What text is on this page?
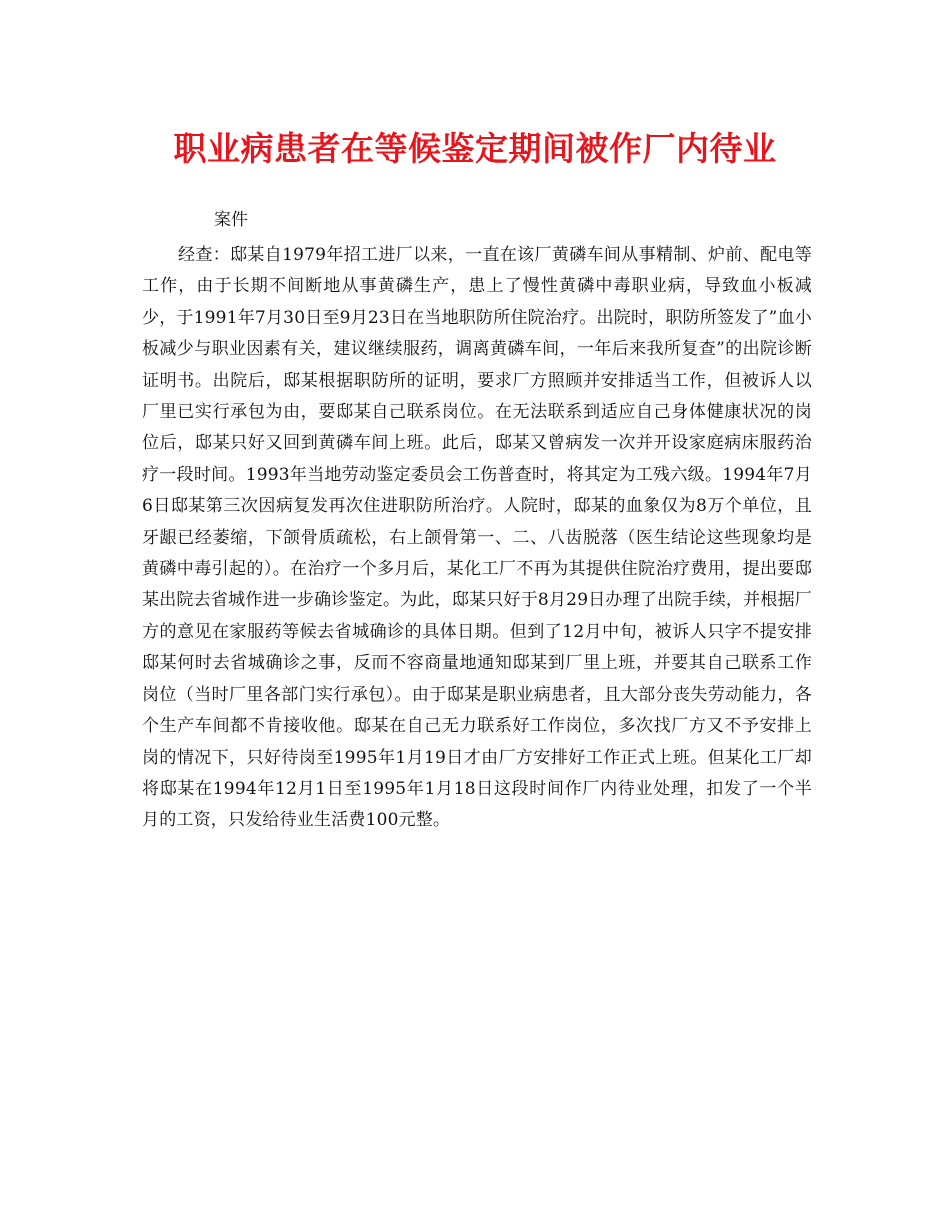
职业病患者在等候鉴定期间被作厂内待业

案件

经查：邸某自1979年招工进厂以来，一直在该厂黄磷车间从事精制、炉前、配电等工作，由于长期不间断地从事黄磷生产，患上了慢性黄磷中毒职业病，导致血小板减少，于1991年7月30日至9月23日在当地职防所住院治疗。出院时，职防所签发了”血小板减少与职业因素有关，建议继续服药，调离黄磷车间，一年后来我所复查”的出院诊断证明书。出院后，邸某根据职防所的证明，要求厂方照顾并安排适当工作，但被诉人以厂里已实行承包为由，要邸某自己联系岗位。在无法联系到适应自己身体健康状况的岗位后，邸某只好又回到黄磷车间上班。此后，邸某又曾病发一次并开设家庭病床服药治疗一段时间。1993年当地劳动鉴定委员会工伤普查时，将其定为工残六级。1994年7月6日邸某第三次因病复发再次住进职防所治疗。人院时，邸某的血象仅为8万个单位，且牙龈已经萎缩，下颌骨质疏松，右上颌骨第一、二、八齿脱落（医生结论这些现象均是黄磷中毒引起的）。在治疗一个多月后，某化工厂不再为其提供住院治疗费用，提出要邸某出院去省城作进一步确诊鉴定。为此，邸某只好于8月29日办理了出院手续，并根据厂方的意见在家服药等候去省城确诊的具体日期。但到了12月中旬，被诉人只字不提安排邸某何时去省城确诊之事，反而不容商量地通知邸某到厂里上班，并要其自己联系工作岗位（当时厂里各部门实行承包）。由于邸某是职业病患者，且大部分丧失劳动能力，各个生产车间都不肯接收他。邸某在自己无力联系好工作岗位，多次找厂方又不予安排上岗的情况下，只好待岗至1995年1月19日才由厂方安排好工作正式上班。但某化工厂却将邸某在1994年12月1日至1995年1月18日这段时间作厂内待业处理，扣发了一个半月的工资，只发给待业生活费100元整。
